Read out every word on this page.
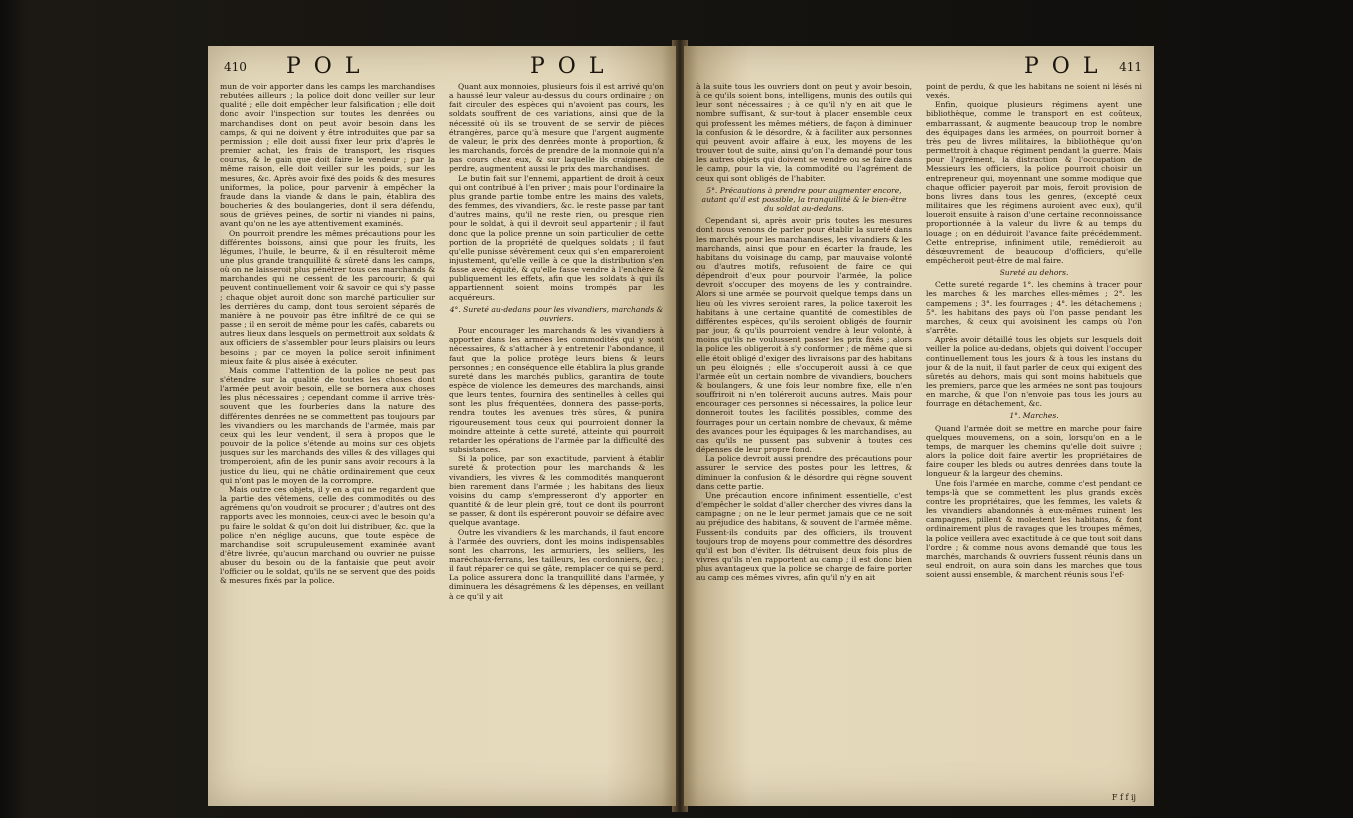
410 P O L	P O L

mun de voir apporter dans les camps les marchandises rebutées ailleurs ; la police doit donc veiller sur leur qualité ; elle doit empêcher leur falsification ; elle doit donc avoir l'inspection sur toutes les denrées ou marchandises dont on peut avoir besoin dans les camps, & qui ne doivent y être introduites que par sa permission ; elle doit aussi fixer leur prix d'après le premier achat, les frais de transport, les risques courus, & le gain que doit faire le vendeur ; par la même raison, elle doit veiller sur les poids, sur les mesures, &c. Après avoir fixé des poids & des mesures uniformes, la police, pour parvenir à empêcher la fraude dans la viande & dans le pain, établira des boucheries & des boulangeries, dont il sera défendu, sous de grièves peines, de sortir ni viandes ni pains, avant qu'on ne les aye attentivement examinés.

On pourroit prendre les mêmes précautions pour les différentes boissons, ainsi que pour les fruits, les légumes, l'huile, le beurre, & il en résulteroit même une plus grande tranquillité & sûreté dans les camps, où on ne laisseroit plus pénétrer tous ces marchands & marchandes qui ne cessent de les parcourir, & qui peuvent continuellement voir & savoir ce qui s'y passe ; chaque objet auroit donc son marché particulier sur les derrières du camp, dont tous seroient séparés de manière à ne pouvoir pas être infiltré de ce qui se passe ; il en seroit de même pour les cafés, cabarets ou autres lieux dans lesquels on permettroit aux soldats & aux officiers de s'assembler pour leurs plaisirs ou leurs besoins ; par ce moyen la police seroit infiniment mieux faite & plus aisée à exécuter.

Mais comme l'attention de la police ne peut pas s'étendre sur la qualité de toutes les choses dont l'armée peut avoir besoin, elle se bornera aux choses les plus nécessaires ; cependant comme il arrive très-souvent que les fourberies dans la nature des différentes denrées ne se commettent pas toujours par les vivandiers ou les marchands de l'armée, mais par ceux qui les leur vendent, il sera à propos que le pouvoir de la police s'étende au moins sur ces objets jusques sur les marchands des villes & des villages qui tromperoient, afin de les punir sans avoir recours à la justice du lieu, qui ne châtie ordinairement que ceux qui n'ont pas le moyen de la corrompre.

Mais outre ces objets, il y en a qui ne regardent que la partie des vêtemens, celle des commodités ou des agrémens qu'on voudroit se procurer ; d'autres ont des rapports avec les monnoies, ceux-ci avec le besoin qu'a pu faire le soldat & qu'on doit lui distribuer, &c. que la police n'en néglige aucuns, que toute espèce de marchandise soit scrupuleusement examinée avant d'être livrée, qu'aucun marchand ou ouvrier ne puisse abuser du besoin ou de la fantaisie que peut avoir l'officier ou le soldat, qu'ils ne se servent que des poids & mesures fixés par la police.

Quant aux monnoies, plusieurs fois il est arrivé qu'on a haussé leur valeur au-dessus du cours ordinaire ; on fait circuler des espèces qui n'avoient pas cours, les soldats souffrent de ces variations, ainsi que de la nécessité où ils se trouvent de se servir de pièces étrangères, parce qu'à mesure que l'argent augmente de valeur, le prix des denrées monte à proportion, & les marchands, forcés de prendre de la monnoie qui n'a pas cours chez eux, & sur laquelle ils craignent de perdre, augmentent aussi le prix des marchandises.

Le butin fait sur l'ennemi, appartient de droit à ceux qui ont contribué à l'en priver ; mais pour l'ordinaire la plus grande partie tombe entre les mains des valets, des femmes, des vivandiers, &c. le reste passe par tant d'autres mains, qu'il ne reste rien, ou presque rien pour le soldat, à qui il devroit seul appartenir ; il faut donc que la police prenne un soin particulier de cette portion de la propriété de quelques soldats ; il faut qu'elle punisse sévèrement ceux qui s'en empareroient injustement, qu'elle veille à ce que la distribution s'en fasse avec équité, & qu'elle fasse vendre à l'enchère & publiquement les effets, afin que les soldats à qui ils appartiennent soient moins trompés par les acquéreurs.

4°. Sureté au-dedans pour les vivandiers, marchands & ouvriers.

Pour encourager les marchands & les vivandiers à apporter dans les armées les commodités qui y sont nécessaires, & s'attacher à y entretenir l'abondance, il faut que la police protège leurs biens & leurs personnes ; en conséquence elle établira la plus grande sureté dans les marchés publics, garantira de toute espèce de violence les demeures des marchands, ainsi que leurs tentes, fournira des sentinelles à celles qui sont les plus fréquentées, donnera des passe-ports, rendra toutes les avenues très sûres, & punira rigoureusement tous ceux qui pourroient donner la moindre atteinte à cette sureté, atteinte qui pourroit retarder les opérations de l'armée par la difficulté des subsistances.

Si la police, par son exactitude, parvient à établir sureté & protection pour les marchands & les vivandiers, les vivres & les commodités manqueront bien rarement dans l'armée ; les habitans des lieux voisins du camp s'empresseront d'y apporter en quantité & de leur plein gré, tout ce dont ils pourront se passer, & dont ils espéreront pouvoir se défaire avec quelque avantage.

Outre les vivandiers & les marchands, il faut encore à l'armée des ouvriers, dont les moins indispensables sont les charrons, les armuriers, les selliers, les maréchaux-ferrans, les tailleurs, les cordonniers, &c. ; il faut réparer ce qui se gâte, remplacer ce qui se perd. La police assurera donc la tranquillité dans l'armée, y diminuera les désagrémens & les dépenses, en veillant à ce qu'il y ait

P O L 411

à la suite tous les ouvriers dont on peut y avoir besoin, à ce qu'ils soient bons, intelligens, munis des outils qui leur sont nécessaires ; à ce qu'il n'y en ait que le nombre suffisant, & sur-tout à placer ensemble ceux qui professent les mêmes métiers, de façon à diminuer la confusion & le désordre, & à faciliter aux personnes qui peuvent avoir affaire à eux, les moyens de les trouver tout de suite, ainsi qu'on l'a demandé pour tous les autres objets qui doivent se vendre ou se faire dans le camp, pour la vie, la commodité ou l'agrément de ceux qui sont obligés de l'habiter.

5°. Précautions à prendre pour augmenter encore, autant qu'il est possible, la tranquillité & le bien-être du soldat au-dedans.

Cependant si, après avoir pris toutes les mesures dont nous venons de parler pour établir la sureté dans les marchés pour les marchandises, les vivandiers & les marchands, ainsi que pour en écarter la fraude, les habitans du voisinage du camp, par mauvaise volonté ou d'autres motifs, refusoient de faire ce qui dépendroit d'eux pour pourvoir l'armée, la police devroit s'occuper des moyens de les y contraindre. Alors si une armée se pourvoit quelque temps dans un lieu où les vivres seroient rares, la police taxeroit les habitans à une certaine quantité de comestibles de différentes espèces, qu'ils seroient obligés de fournir par jour, & qu'ils pourroient vendre à leur volonté, à moins qu'ils ne voulussent passer les prix fixés ; alors la police les obligeroit à s'y conformer ; de même que si elle étoit obligé d'exiger des livraisons par des habitans un peu éloignés ; elle s'occuperoit aussi à ce que l'armée eût un certain nombre de vivandiers, bouchers & boulangers, & une fois leur nombre fixe, elle n'en souffriroit ni n'en toléreroit aucuns autres. Mais pour encourager ces personnes si nécessaires, la police leur donneroit toutes les facilités possibles, comme des fourrages pour un certain nombre de chevaux, & même des avances pour les équipages & les marchandises, au cas qu'ils ne pussent pas subvenir à toutes ces dépenses de leur propre fond.

La police devroit aussi prendre des précautions pour assurer le service des postes pour les lettres, & diminuer la confusion & le désordre qui règne souvent dans cette partie.

Une précaution encore infiniment essentielle, c'est d'empêcher le soldat d'aller chercher des vivres dans la campagne ; on ne le leur permet jamais que ce ne soit au préjudice des habitans, & souvent de l'armée même. Fussent-ils conduits par des officiers, ils trouvent toujours trop de moyens pour commettre des désordres qu'il est bon d'éviter. Ils détruisent deux fois plus de vivres qu'ils n'en rapportent au camp ; il est donc bien plus avantageux que la police se charge de faire porter au camp ces mêmes vivres, afin qu'il n'y en ait

point de perdu, & que les habitans ne soient ni lésés ni vexés.

Enfin, quoique plusieurs régimens ayent une bibliothèque, comme le transport en est coûteux, embarrassant, & augmente beaucoup trop le nombre des équipages dans les armées, on pourroit borner à très peu de livres militaires, la bibliothèque qu'on permettroit à chaque régiment pendant la guerre. Mais pour l'agrément, la distraction & l'occupation de Messieurs les officiers, la police pourroit choisir un entrepreneur qui, moyennant une somme modique que chaque officier payeroit par mois, feroit provision de bons livres dans tous les genres, (excepté ceux militaires que les régimens auroient avec eux), qu'il loueroit ensuite à raison d'une certaine reconnoissance proportionnée à la valeur du livre & au temps du louage ; on en déduiroit l'avance faite précédemment. Cette entreprise, infiniment utile, remédieroit au désœuvrement de beaucoup d'officiers, qu'elle empêcheroit peut-être de mal faire.

Sureté au dehors.

Cette sureté regarde 1°. les chemins à tracer pour les marches & les marches elles-mêmes ; 2°. les campemens ; 3°. les fourrages ; 4°. les détachemens ; 5°. les habitans des pays où l'on passe pendant les marches, & ceux qui avoisinent les camps où l'on s'arrête.

Après avoir détaillé tous les objets sur lesquels doit veiller la police au-dedans, objets qui doivent l'occuper continuellement tous les jours & à tous les instans du jour & de la nuit, il faut parler de ceux qui exigent des sûretés au dehors, mais qui sont moins habituels que les premiers, parce que les armées ne sont pas toujours en marche, & que l'on n'envoie pas tous les jours au fourrage en détachement, &c.

1°. Marches.

Quand l'armée doit se mettre en marche pour faire quelques mouvemens, on a soin, lorsqu'on en a le temps, de marquer les chemins qu'elle doit suivre ; alors la police doit faire avertir les propriétaires de faire couper les bleds ou autres denrées dans toute la longueur & la largeur des chemins.

Une fois l'armée en marche, comme c'est pendant ce temps-là que se commettent les plus grands excès contre les propriétaires, que les femmes, les valets & les vivandiers abandonnés à eux-mêmes ruinent les campagnes, pillent & molestent les habitans, & font ordinairement plus de ravages que les troupes mêmes, la police veillera avec exactitude à ce que tout soit dans l'ordre ; & comme nous avons demandé que tous les marchés, marchands & ouvriers fussent réunis dans un seul endroit, on aura soin dans les marches que tous soient aussi ensemble, & marchent réunis sous l'ef-

F f f ij
